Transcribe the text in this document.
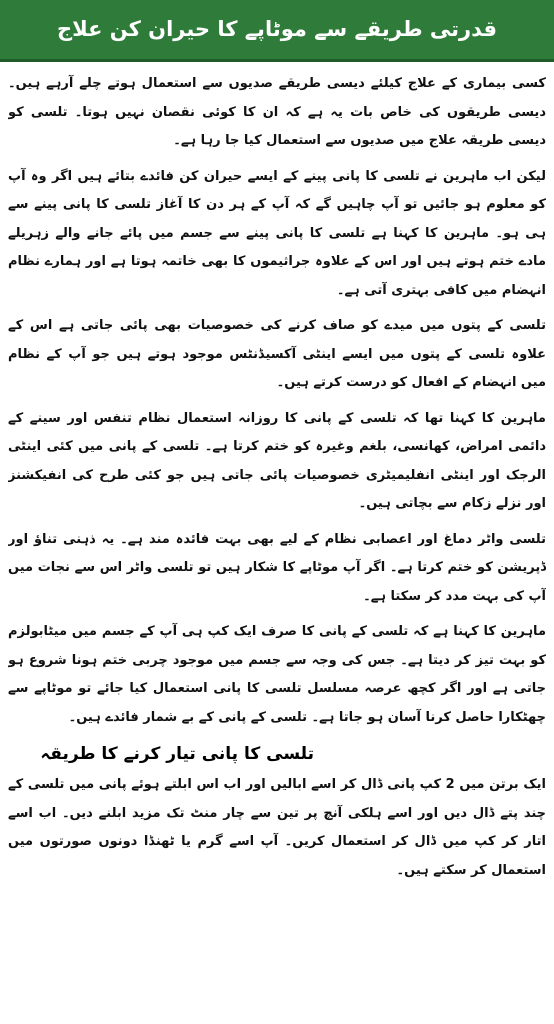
قدرتی طریقے سے موٹاپے کا حیران کن علاج

کسی بیماری کے علاج کیلئے دیسی طریقے صدیوں سے استعمال ہوتے چلے آرہے ہیں۔ دیسی طریقوں کی خاص بات یہ ہے کہ ان کا کوئی نقصان نہیں ہوتا۔ تلسی کو دیسی طریقہ علاج میں صدیوں سے استعمال کیا جا رہا ہے۔

لیکن اب ماہرین نے تلسی کا پانی پینے کے ایسے حیران کن فائدے بتائے ہیں اگر وہ آپ کو معلوم ہو جائیں تو آپ چاہیں گے کہ آپ کے ہر دن کا آغاز تلسی کا پانی پینے سے ہی ہو۔ ماہرین کا کہنا ہے تلسی کا پانی پینے سے جسم میں پائے جانے والے زہریلے مادے ختم ہوتے ہیں اور اس کے علاوہ جراثیموں کا بھی خاتمہ ہوتا ہے اور ہمارے نظام انہضام میں کافی بہتری آتی ہے۔

تلسی کے پتوں میں میدے کو صاف کرنے کی خصوصیات بھی پائی جاتی ہے اس کے علاوہ تلسی کے پتوں میں ایسے اینٹی آکسیڈنٹس موجود ہوتے ہیں جو آپ کے نظام میں انہضام کے افعال کو درست کرتے ہیں۔

ماہرین کا کہنا تھا کہ تلسی کے پانی کا روزانہ استعمال نظام تنفس اور سینے کے دائمی امراض، کھانسی، بلغم وغیرہ کو ختم کرتا ہے۔ تلسی کے پانی میں کئی اینٹی الرجک اور اینٹی انفلیمیٹری خصوصیات پائی جاتی ہیں جو کئی طرح کی انفیکشنز اور نزلے زکام سے بچاتی ہیں۔

تلسی واٹر دماغ اور اعصابی نظام کے لیے بھی بہت فائدہ مند ہے۔ یہ ذہنی تناؤ اور ڈپریشن کو ختم کرتا ہے۔ اگر آپ موٹاپے کا شکار ہیں تو تلسی واٹر اس سے نجات میں آپ کی بہت مدد کر سکتا ہے۔

ماہرین کا کہنا ہے کہ تلسی کے پانی کا صرف ایک کپ ہی آپ کے جسم میں میٹابولزم کو بہت تیز کر دیتا ہے۔ جس کی وجہ سے جسم میں موجود چربی ختم ہونا شروع ہو جاتی ہے اور اگر کچھ عرصہ مسلسل تلسی کا پانی استعمال کیا جائے تو موٹاپے سے چھٹکارا حاصل کرنا آسان ہو جاتا ہے۔ تلسی کے پانی کے بے شمار فائدے ہیں۔

تلسی کا پانی تیار کرنے کا طریقہ

ایک برتن میں 2 کپ پانی ڈال کر اسے ابالیں اور اب اس ابلتے ہوئے پانی میں تلسی کے چند پتے ڈال دیں اور اسے ہلکی آنچ پر تین سے چار منٹ تک مزید ابلنے دیں۔ اب اسے اتار کر کپ میں ڈال کر استعمال کریں۔ آپ اسے گرم یا ٹھنڈا دونوں صورتوں میں استعمال کر سکتے ہیں۔
